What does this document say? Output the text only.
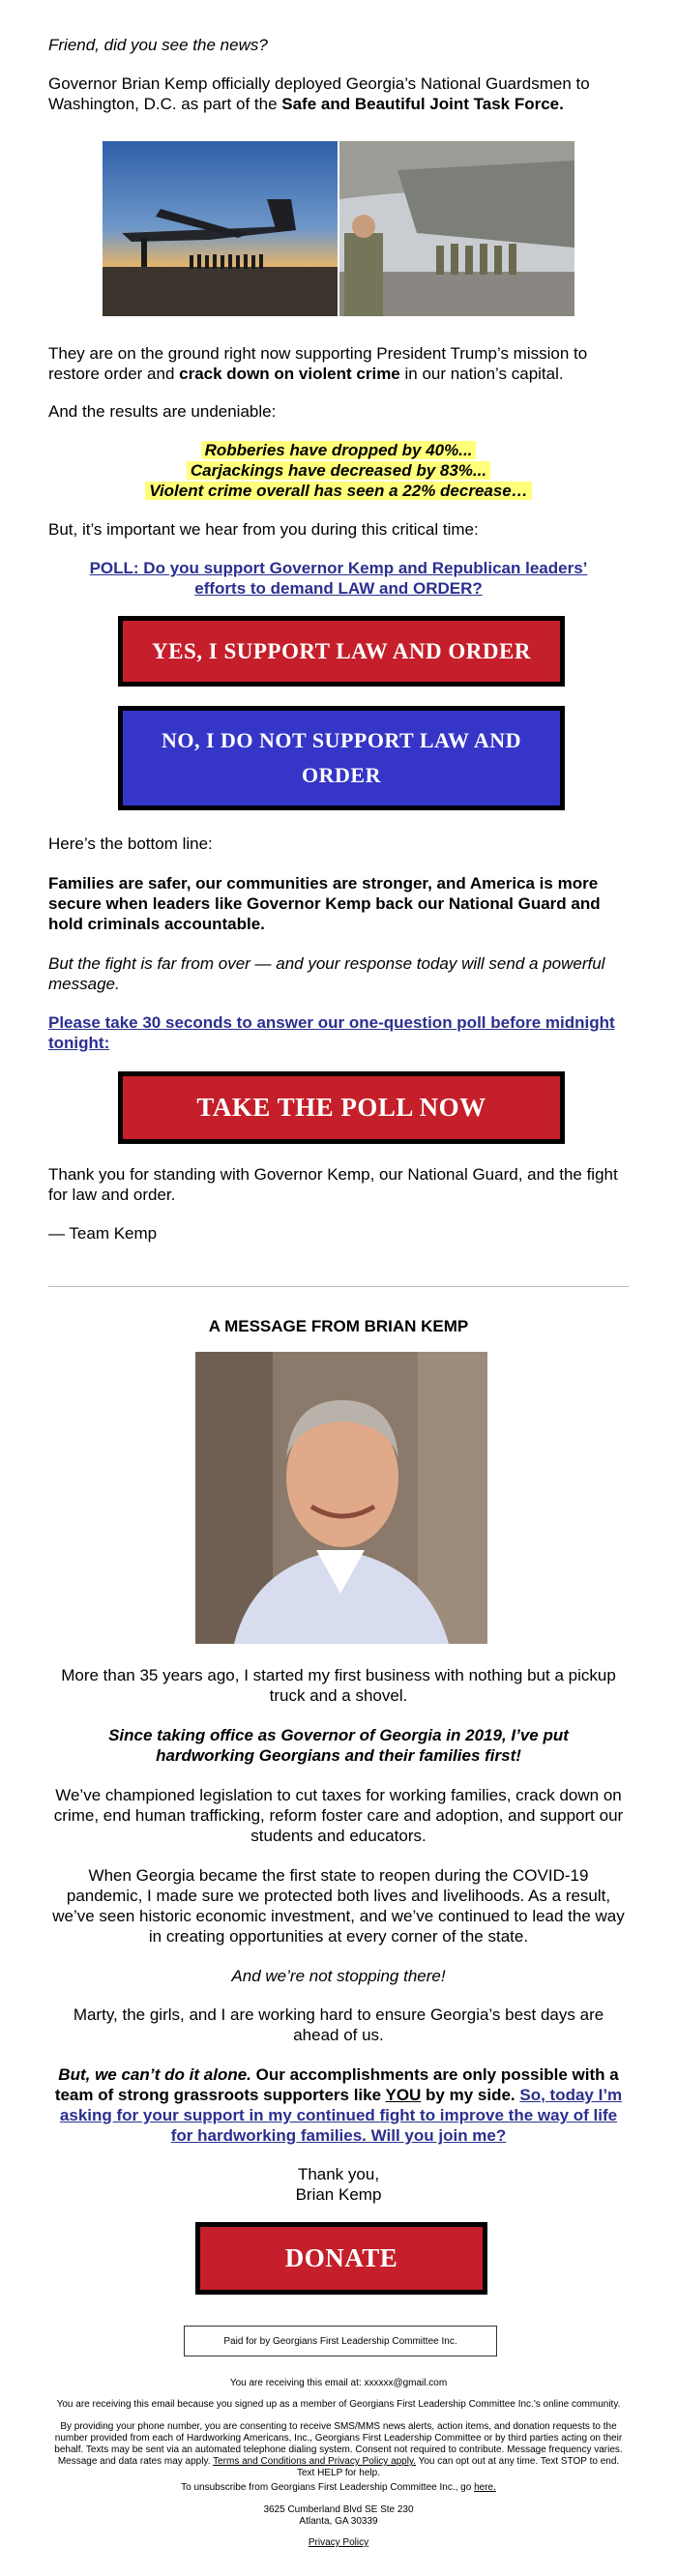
Friend, did you see the news?

Governor Brian Kemp officially deployed Georgia’s National Guardsmen to Washington, D.C. as part of the Safe and Beautiful Joint Task Force.

They are on the ground right now supporting President Trump’s mission to restore order and crack down on violent crime in our nation’s capital.

And the results are undeniable:

Robberies have dropped by 40%...
Carjackings have decreased by 83%...
Violent crime overall has seen a 22% decrease…

But, it’s important we hear from you during this critical time:

POLL: Do you support Governor Kemp and Republican leaders’ efforts to demand LAW and ORDER?

YES, I SUPPORT LAW AND ORDER
NO, I DO NOT SUPPORT LAW AND ORDER

Here’s the bottom line:

Families are safer, our communities are stronger, and America is more secure when leaders like Governor Kemp back our National Guard and hold criminals accountable.

But the fight is far from over — and your response today will send a powerful message.

Please take 30 seconds to answer our one-question poll before midnight tonight:

TAKE THE POLL NOW

Thank you for standing with Governor Kemp, our National Guard, and the fight for law and order.

— Team Kemp

A MESSAGE FROM BRIAN KEMP

More than 35 years ago, I started my first business with nothing but a pickup truck and a shovel.

Since taking office as Governor of Georgia in 2019, I’ve put hardworking Georgians and their families first!

We’ve championed legislation to cut taxes for working families, crack down on crime, end human trafficking, reform foster care and adoption, and support our students and educators.

When Georgia became the first state to reopen during the COVID-19 pandemic, I made sure we protected both lives and livelihoods. As a result, we’ve seen historic economic investment, and we’ve continued to lead the way in creating opportunities at every corner of the state.

And we’re not stopping there!

Marty, the girls, and I are working hard to ensure Georgia’s best days are ahead of us.

But, we can’t do it alone. Our accomplishments are only possible with a team of strong grassroots supporters like YOU by my side. So, today I’m asking for your support in my continued fight to improve the way of life for hardworking families. Will you join me?

Thank you,

Brian Kemp

DONATE
Paid for by Georgians First Leadership Committee Inc.

You are receiving this email at: xxxxxx@gmail.com

You are receiving this email because you signed up as a member of Georgians First Leadership Committee Inc.'s online community.

By providing your phone number, you are consenting to receive SMS/MMS news alerts, action items, and donation requests to the number provided from each of Hardworking Americans, Inc., Georgians First Leadership Committee or by third parties acting on their behalf. Texts may be sent via an automated telephone dialing system. Consent not required to contribute. Message frequency varies. Message and data rates may apply. Terms and Conditions and Privacy Policy apply. You can opt out at any time. Text STOP to end. Text HELP for help.

To unsubscribe from Georgians First Leadership Committee Inc., go here.

3625 Cumberland Blvd SE Ste 230

Atlanta, GA 30339

Privacy Policy
